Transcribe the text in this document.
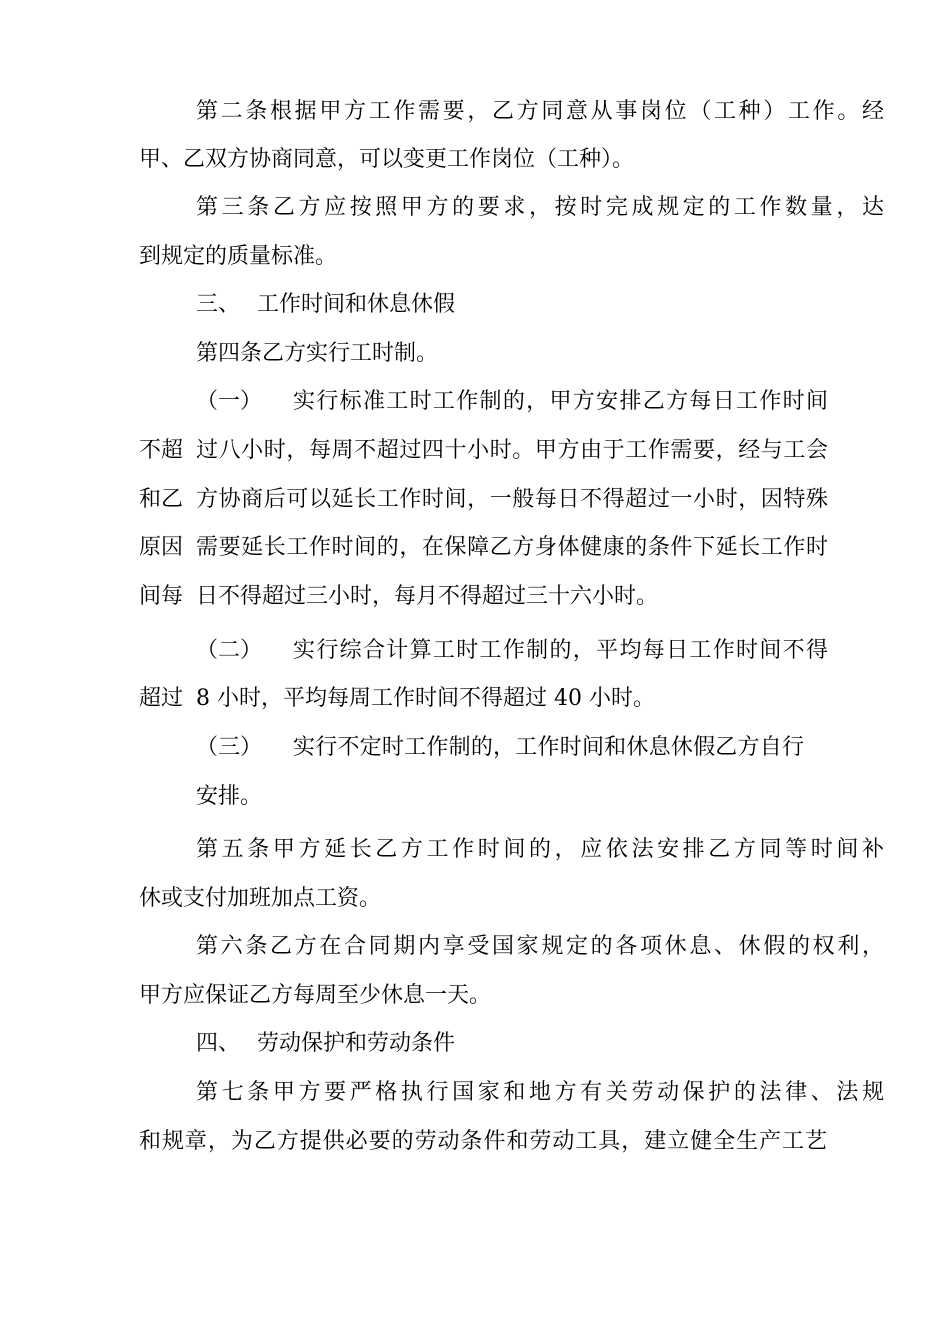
第二条根据甲方工作需要，乙方同意从事岗位（工种）工作。经
甲、乙双方协商同意，可以变更工作岗位（工种）。
第三条乙方应按照甲方的要求，按时完成规定的工作数量，达
到规定的质量标准。
三、 工作时间和休息休假
第四条乙方实行工时制。
（一） 实行标准工时工作制的，甲方安排乙方每日工作时间
不超 过八小时，每周不超过四十小时。甲方由于工作需要，经与工会
和乙 方协商后可以延长工作时间，一般每日不得超过一小时，因特殊
原因 需要延长工作时间的，在保障乙方身体健康的条件下延长工作时
间每 日不得超过三小时，每月不得超过三十六小时。
（二） 实行综合计算工时工作制的，平均每日工作时间不得
超过 8 小时，平均每周工作时间不得超过 40 小时。
（三） 实行不定时工作制的，工作时间和休息休假乙方自行
安排。
第五条甲方延长乙方工作时间的，应依法安排乙方同等时间补
休或支付加班加点工资。
第六条乙方在合同期内享受国家规定的各项休息、休假的权利，
甲方应保证乙方每周至少休息一天。
四、 劳动保护和劳动条件
第七条甲方要严格执行国家和地方有关劳动保护的法律、法规
和规章，为乙方提供必要的劳动条件和劳动工具，建立健全生产工艺
